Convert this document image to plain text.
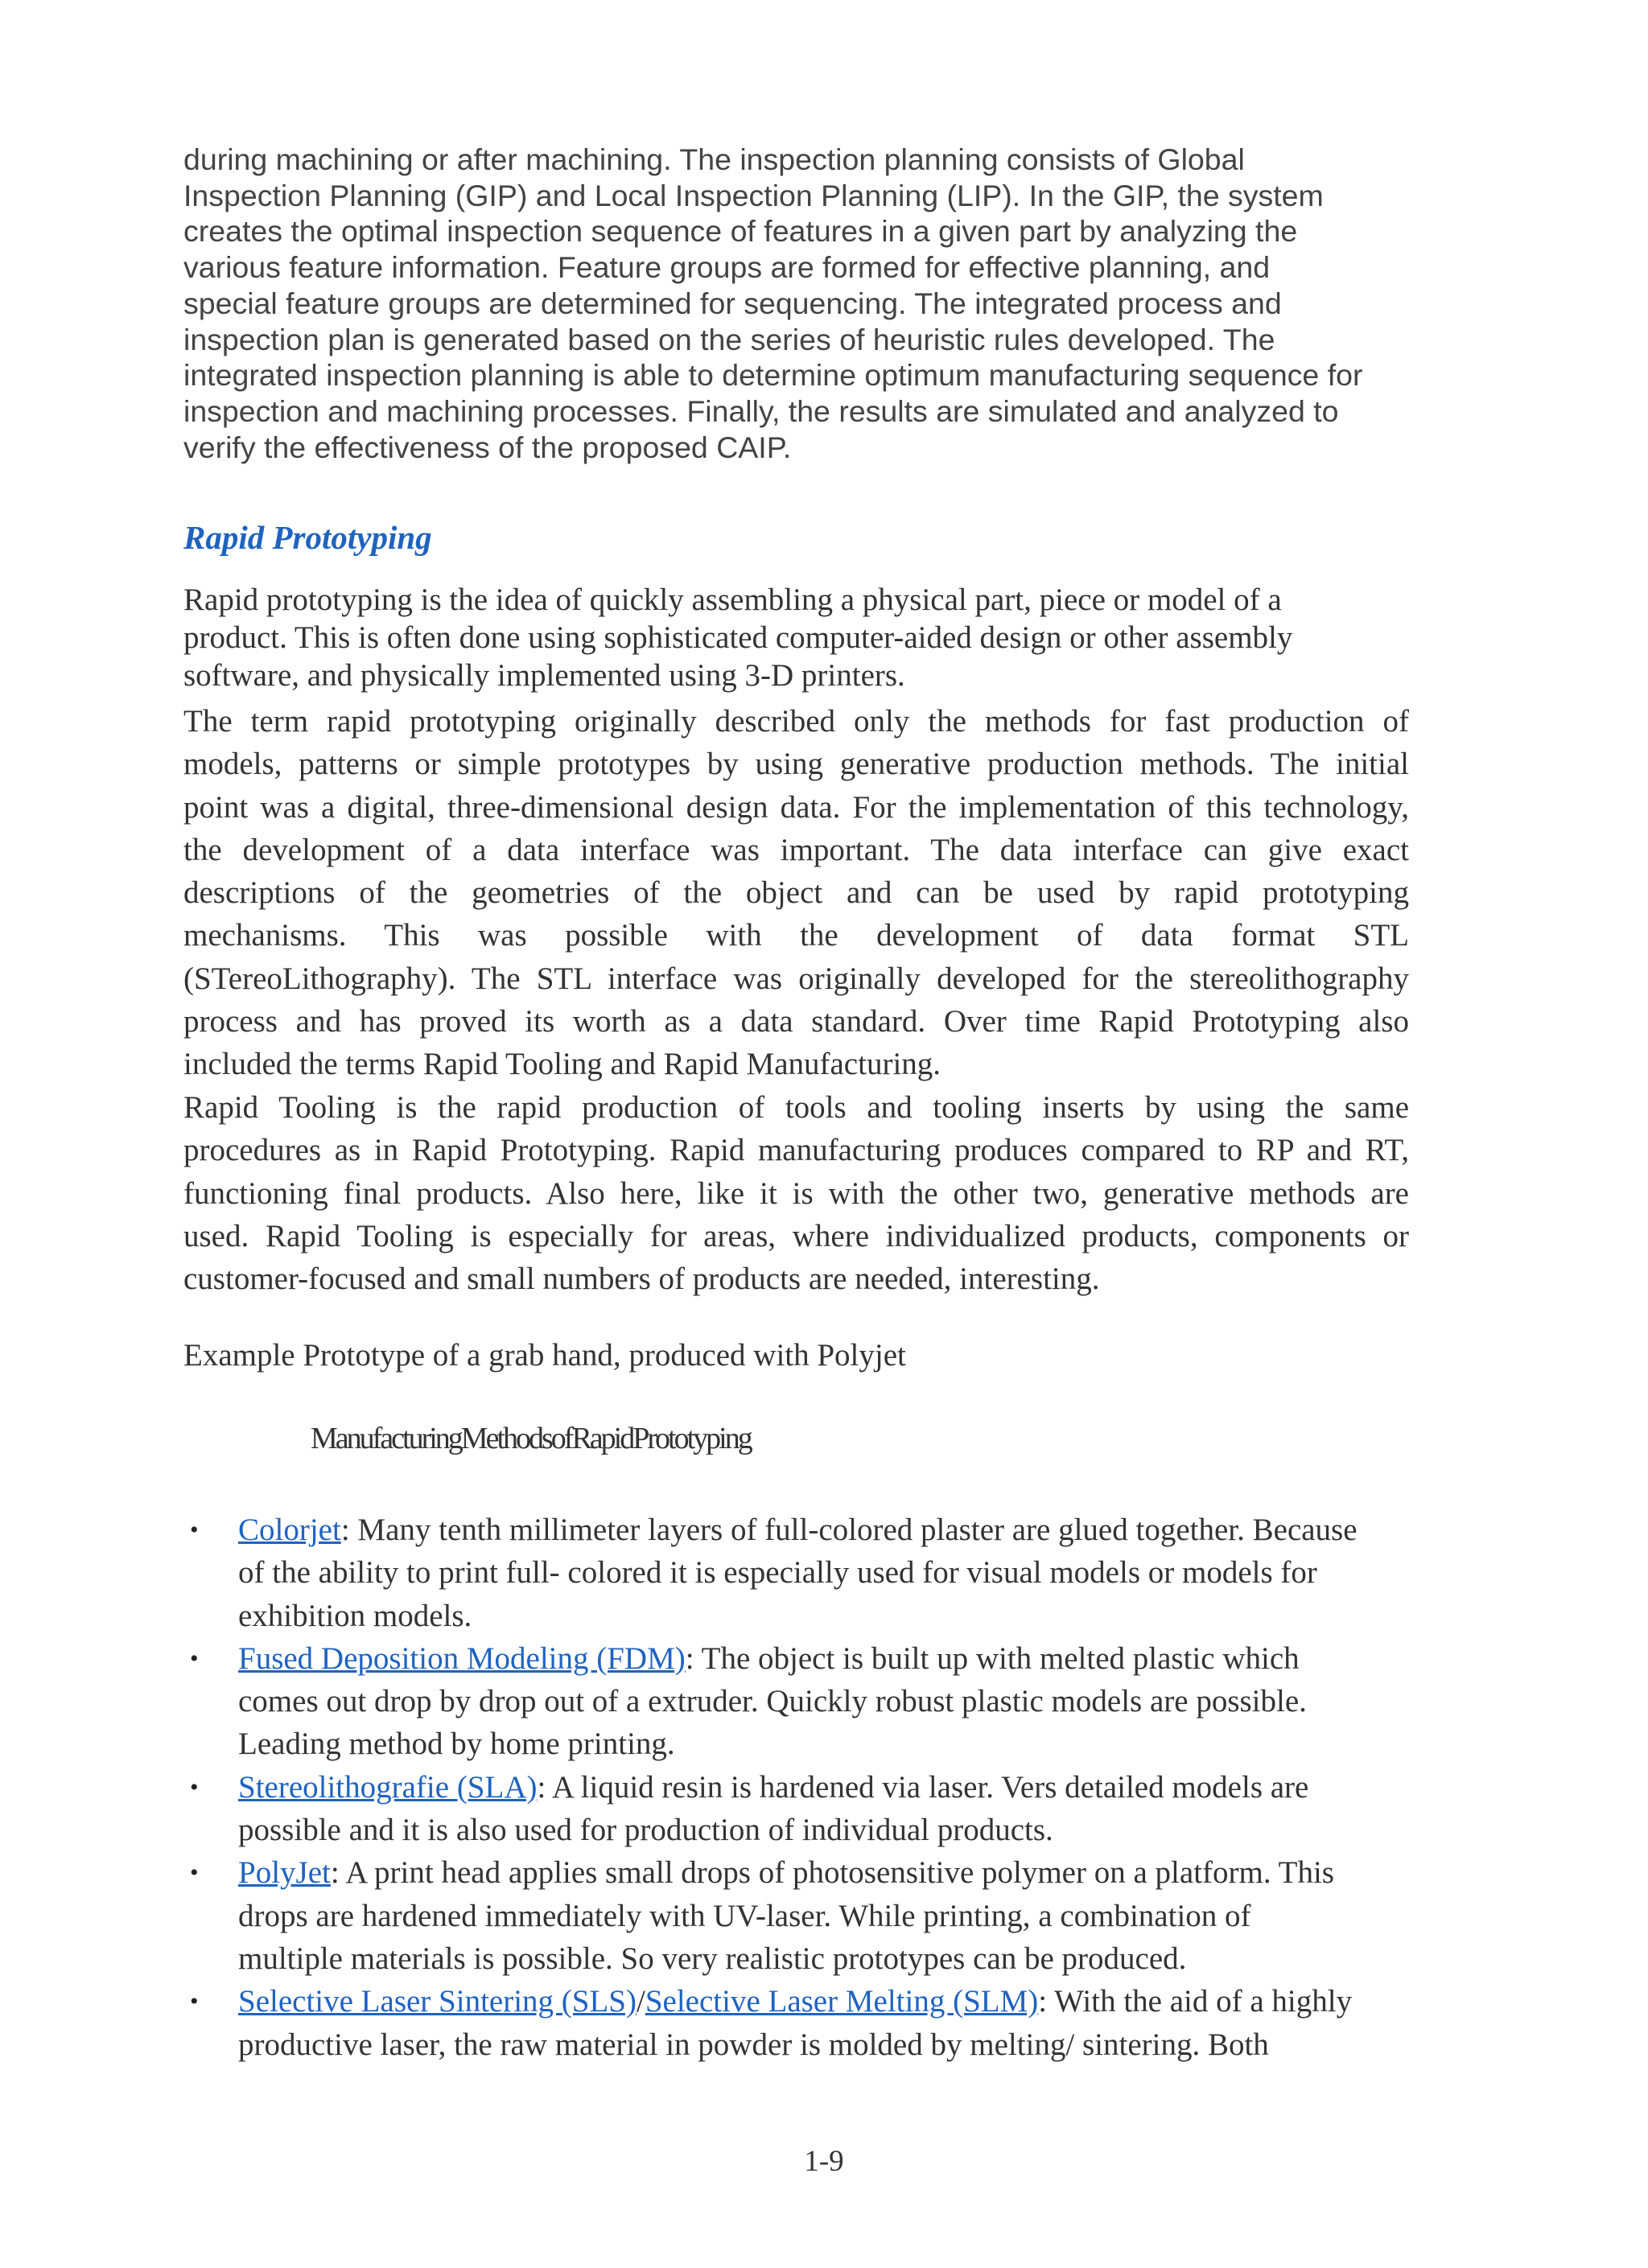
during machining or after machining. The inspection planning consists of Global
Inspection Planning (GIP) and Local Inspection Planning (LIP). In the GIP, the system
creates the optimal inspection sequence of features in a given part by analyzing the
various feature information. Feature groups are formed for effective planning, and
special feature groups are determined for sequencing. The integrated process and
inspection plan is generated based on the series of heuristic rules developed. The
integrated inspection planning is able to determine optimum manufacturing sequence for
inspection and machining processes. Finally, the results are simulated and analyzed to
verify the effectiveness of the proposed CAIP.
Rapid Prototyping
Rapid prototyping is the idea of quickly assembling a physical part, piece or model of a
product. This is often done using sophisticated computer-aided design or other assembly
software, and physically implemented using 3-D printers.
The term rapid prototyping originally described only the methods for fast production of
models, patterns or simple prototypes by using generative production methods. The initial
point was a digital, three-dimensional design data. For the implementation of this technology,
the development of a data interface was important. The data interface can give exact
descriptions of the geometries of the object and can be used by rapid prototyping
mechanisms. This was possible with the development of data format STL
(STereoLithography). The STL interface was originally developed for the stereolithography
process and has proved its worth as a data standard. Over time Rapid Prototyping also
included the terms Rapid Tooling and Rapid Manufacturing.
Rapid Tooling is the rapid production of tools and tooling inserts by using the same
procedures as in Rapid Prototyping. Rapid manufacturing produces compared to RP and RT,
functioning final products. Also here, like it is with the other two, generative methods are
used. Rapid Tooling is especially for areas, where individualized products, components or
customer-focused and small numbers of products are needed, interesting.
Example Prototype of a grab hand, produced with Polyjet
ManufacturingMethodsofRapidPrototyping
• Colorjet: Many tenth millimeter layers of full-colored plaster are glued together. Because
of the ability to print full- colored it is especially used for visual models or models for
exhibition models.
• Fused Deposition Modeling (FDM): The object is built up with melted plastic which
comes out drop by drop out of a extruder. Quickly robust plastic models are possible.
Leading method by home printing.
• Stereolithografie (SLA): A liquid resin is hardened via laser. Vers detailed models are
possible and it is also used for production of individual products.
• PolyJet: A print head applies small drops of photosensitive polymer on a platform. This
drops are hardened immediately with UV-laser. While printing, a combination of
multiple materials is possible. So very realistic prototypes can be produced.
• Selective Laser Sintering (SLS)/Selective Laser Melting (SLM): With the aid of a highly
productive laser, the raw material in powder is molded by melting/ sintering. Both
1-9
